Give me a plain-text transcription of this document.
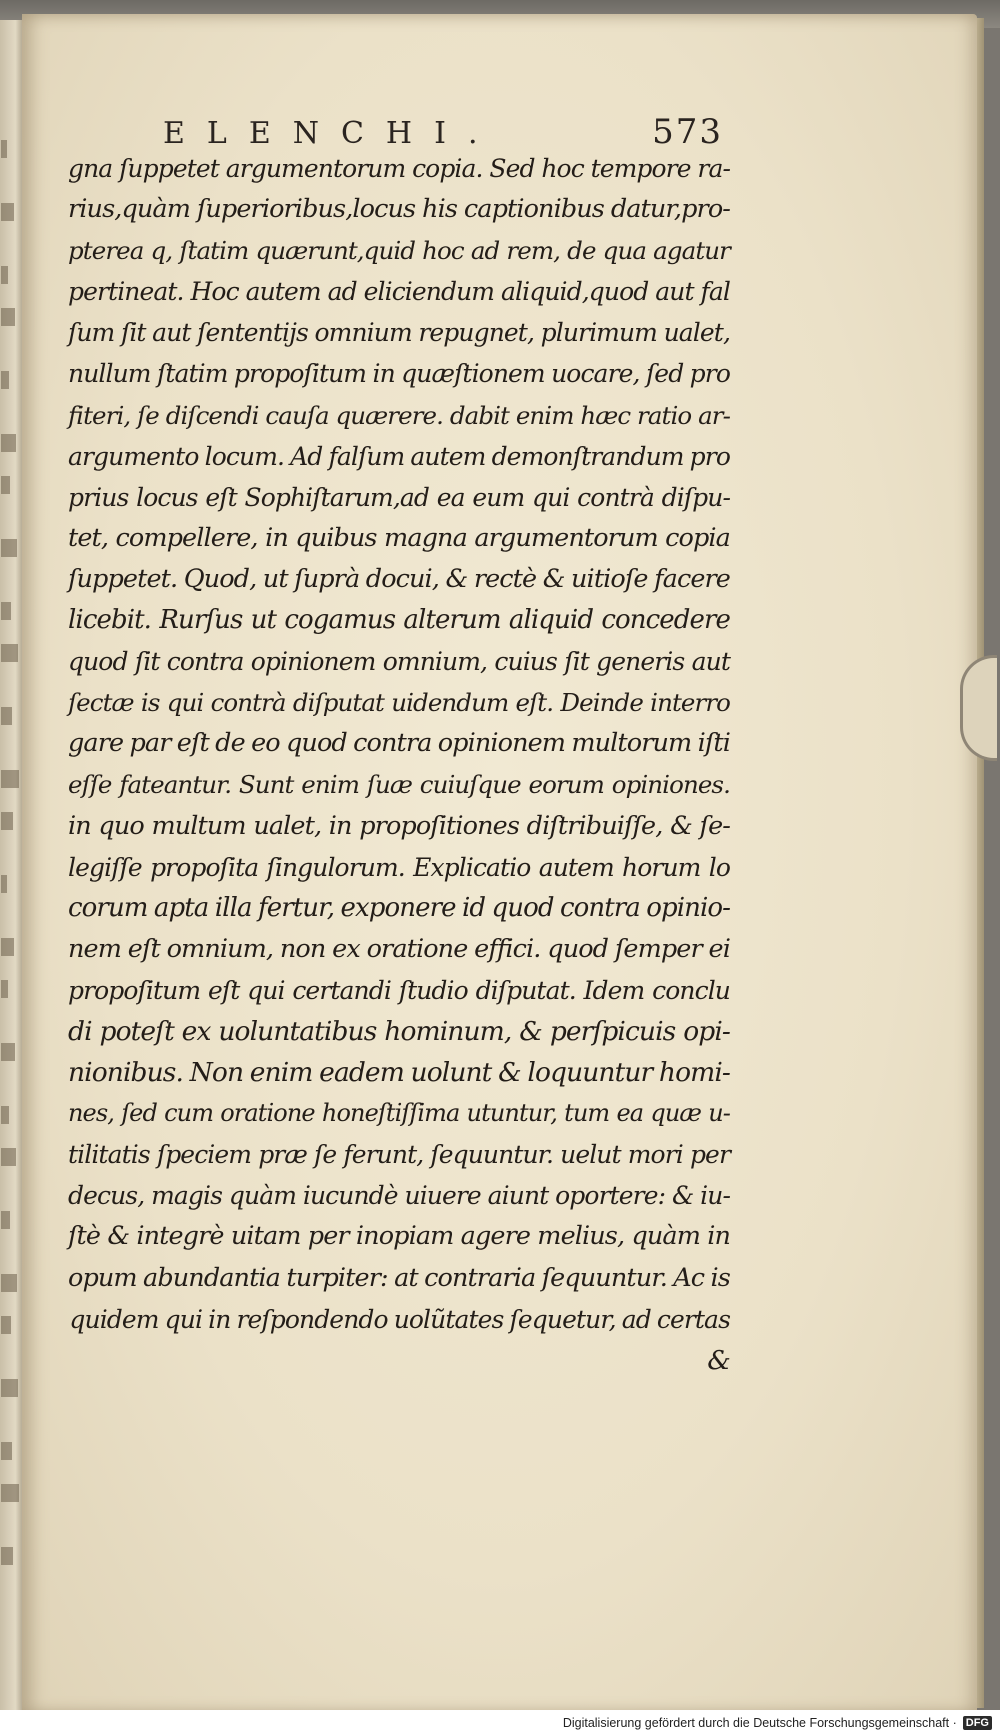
ELENCHI.	573
gna ſuppetet argumentorum copia. Sed hoc tempore ra-
rius,quàm ſuperioribus,locus his captionibus datur,pro-
pterea q, ſtatim quærunt,quid hoc ad rem, de qua agatur
pertineat. Hoc autem ad eliciendum aliquid,quod aut fal
ſum ſit aut ſententijs omnium repugnet, plurimum ualet,
nullum ſtatim propoſitum in quæſtionem uocare, ſed pro
fiteri, ſe diſcendi cauſa quærere. dabit enim hæc ratio ar-
argumento locum. Ad falſum autem demonſtrandum pro
prius locus eſt Sophiſtarum,ad ea eum qui contrà diſpu-
tet, compellere, in quibus magna argumentorum copia
ſuppetet. Quod, ut ſuprà docui, & rectè & uitioſe facere
licebit. Rurſus ut cogamus alterum aliquid concedere
quod ſit contra opinionem omnium, cuius ſit generis aut
ſectæ is qui contrà diſputat uidendum eſt. Deinde interro
gare par eſt de eo quod contra opinionem multorum iſti
eſſe fateantur. Sunt enim ſuæ cuiuſque eorum opiniones.
in quo multum ualet, in propoſitiones diſtribuiſſe, & ſe-
legiſſe propoſita ſingulorum. Explicatio autem horum lo
corum apta illa fertur, exponere id quod contra opinio-
nem eſt omnium, non ex oratione effici. quod ſemper ei
propoſitum eſt qui certandi ſtudio diſputat. Idem conclu
di poteſt ex uoluntatibus hominum, & perſpicuis opi-
nionibus. Non enim eadem uolunt & loquuntur homi-
nes, ſed cum oratione honeſtiſſima utuntur, tum ea quæ u-
tilitatis ſpeciem præ ſe ferunt, ſequuntur. uelut mori per
decus, magis quàm iucundè uiuere aiunt oportere: & iu-
ſtè & integrè uitam per inopiam agere melius, quàm in
opum abundantia turpiter: at contraria ſequuntur. Ac is
quidem qui in reſpondendo uolũtates ſequetur, ad certas
&
Digitalisierung gefördert durch die Deutsche Forschungsgemeinschaft · DFG
